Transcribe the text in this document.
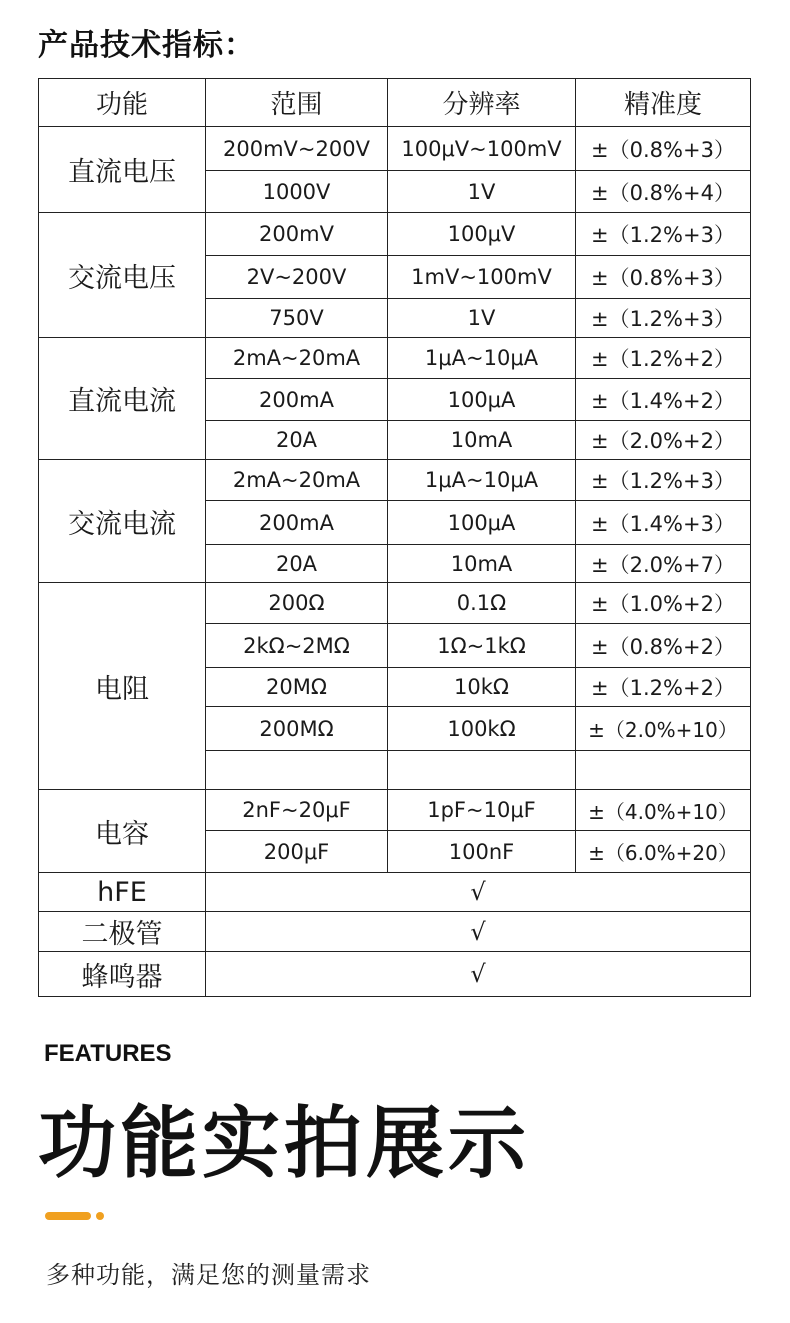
产品技术指标：
功能	范围	分辨率	精准度
直流电压	200mV~200V	100μV~100mV	±（0.8%+3）
	1000V	1V	±（0.8%+4）
交流电压	200mV	100μV	±（1.2%+3）
	2V~200V	1mV~100mV	±（0.8%+3）
	750V	1V	±（1.2%+3）
直流电流	2mA~20mA	1μA~10μA	±（1.2%+2）
	200mA	100μA	±（1.4%+2）
	20A	10mA	±（2.0%+2）
交流电流	2mA~20mA	1μA~10μA	±（1.2%+3）
	200mA	100μA	±（1.4%+3）
	20A	10mA	±（2.0%+7）
电阻	200Ω	0.1Ω	±（1.0%+2）
	2kΩ~2MΩ	1Ω~1kΩ	±（0.8%+2）
	20MΩ	10kΩ	±（1.2%+2）
	200MΩ	100kΩ	±（2.0%+10）

电容	2nF~20μF	1pF~10μF	±（4.0%+10）
	200μF	100nF	±（6.0%+20）
hFE	√		
二极管	√		
蜂鸣器	√		
FEATURES
功能实拍展示

多种功能，满足您的测量需求
